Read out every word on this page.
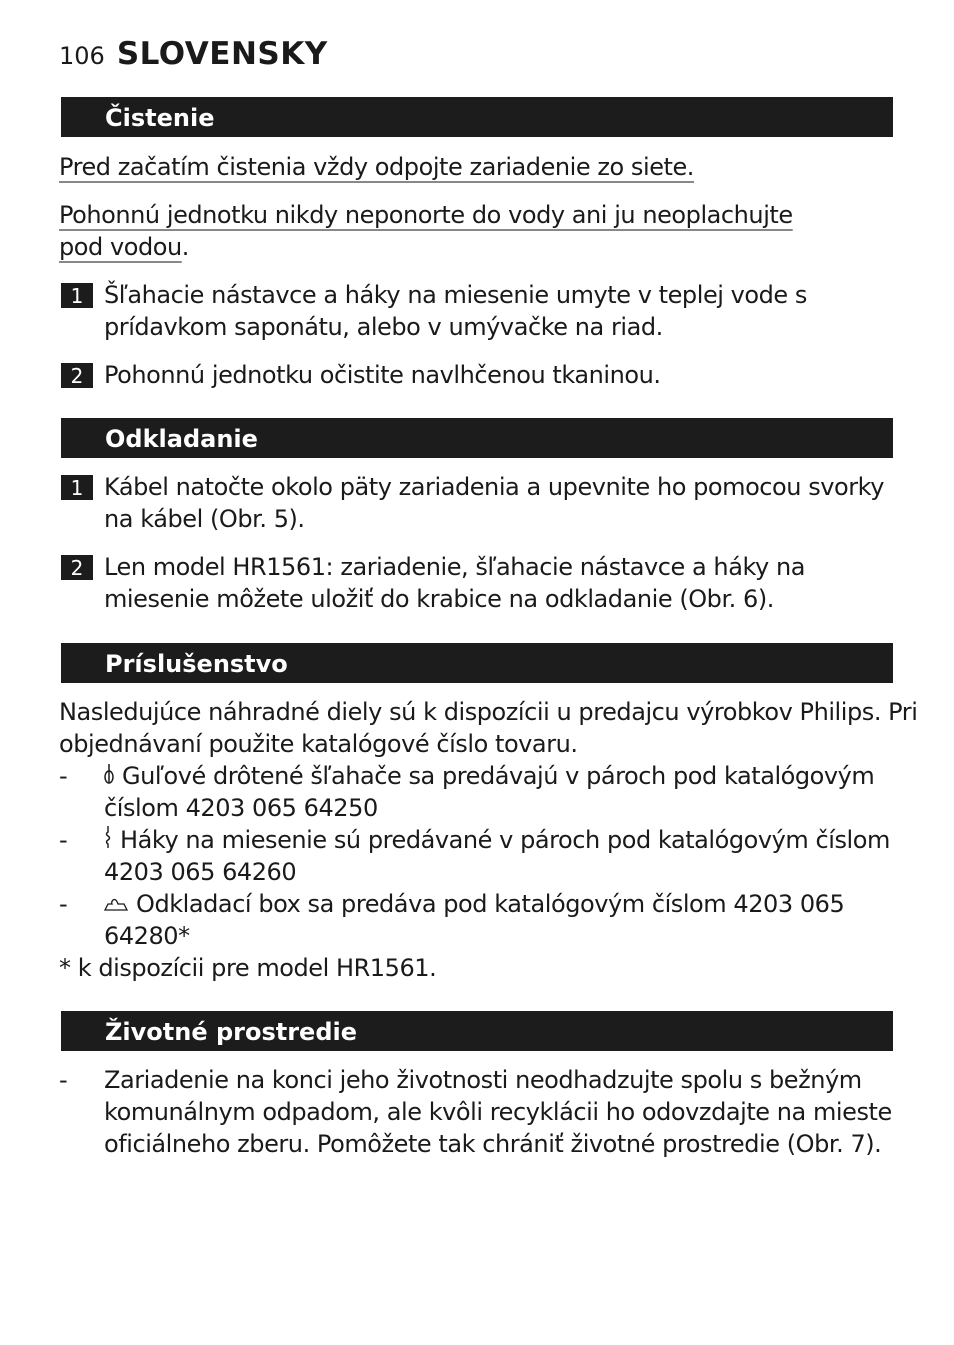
106 SLOVENSKY
Čistenie
Pred začatím čistenia vždy odpojte zariadenie zo siete.
Pohonnú jednotku nikdy neponorte do vody ani ju neoplachujte
pod vodou.
1 Šľahacie nástavce a háky na miesenie umyte v teplej vode s
prídavkom saponátu, alebo v umývačke na riad.
2 Pohonnú jednotku očistite navlhčenou tkaninou.
Odkladanie
1 Kábel natočte okolo päty zariadenia a upevnite ho pomocou svorky
na kábel (Obr. 5).
2 Len model HR1561: zariadenie, šľahacie nástavce a háky na
miesenie môžete uložiť do krabice na odkladanie (Obr. 6).
Príslušenstvo
Nasledujúce náhradné diely sú k dispozícii u predajcu výrobkov Philips. Pri
objednávaní použite katalógové číslo tovaru.
-	Guľové drôtené šľahače sa predávajú v pároch pod katalógovým
číslom 4203 065 64250
-	Háky na miesenie sú predávané v pároch pod katalógovým číslom
4203 065 64260
-	Odkladací box sa predáva pod katalógovým číslom 4203 065
64280*
* k dispozícii pre model HR1561.
Životné prostredie
- Zariadenie na konci jeho životnosti neodhadzujte spolu s bežným
komunálnym odpadom, ale kvôli recyklácii ho odovzdajte na mieste
oficiálneho zberu. Pomôžete tak chrániť životné prostredie (Obr. 7).
